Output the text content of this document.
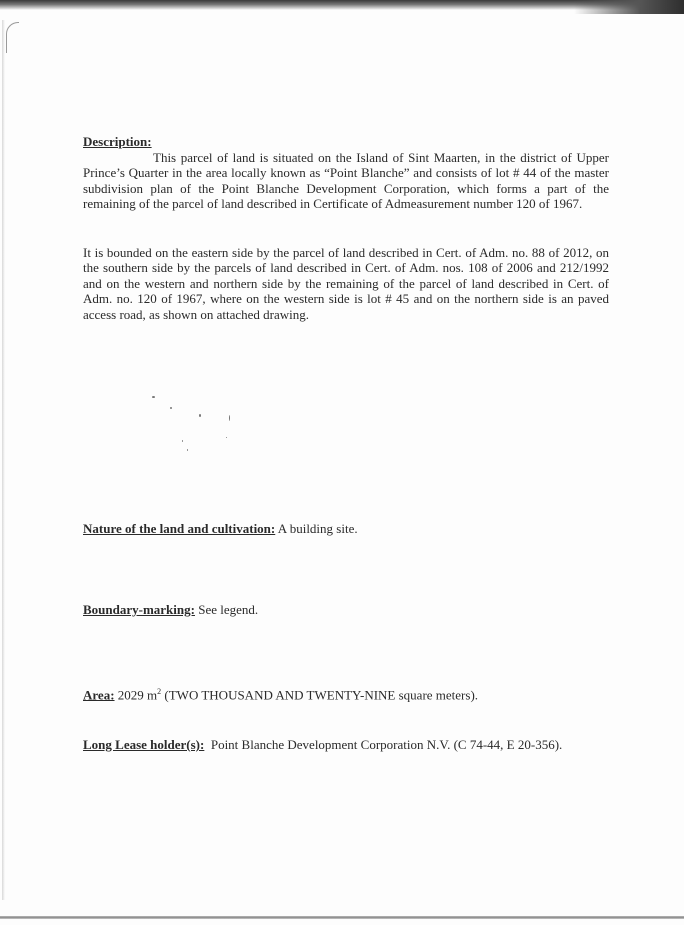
Description:

This parcel of land is situated on the Island of Sint Maarten, in the district of Upper Prince’s Quarter in the area locally known as “Point Blanche” and consists of lot # 44 of the master subdivision plan of the Point Blanche Development Corporation, which forms a part of the remaining of the parcel of land described in Certificate of Admeasurement number 120 of 1967.

It is bounded on the eastern side by the parcel of land described in Cert. of Adm. no. 88 of 2012, on the southern side by the parcels of land described in Cert. of Adm. nos. 108 of 2006 and 212/1992 and on the western and northern side by the remaining of the parcel of land described in Cert. of Adm. no. 120 of 1967, where on the western side is lot # 45 and on the northern side is an paved access road, as shown on attached drawing.

Nature of the land and cultivation: A building site.
Boundary-marking: See legend.
Area: 2029 $m^2$ (TWO THOUSAND AND TWENTY-NINE square meters).
Long Lease holder(s):  Point Blanche Development Corporation N.V. (C 74-44, E 20-356).
